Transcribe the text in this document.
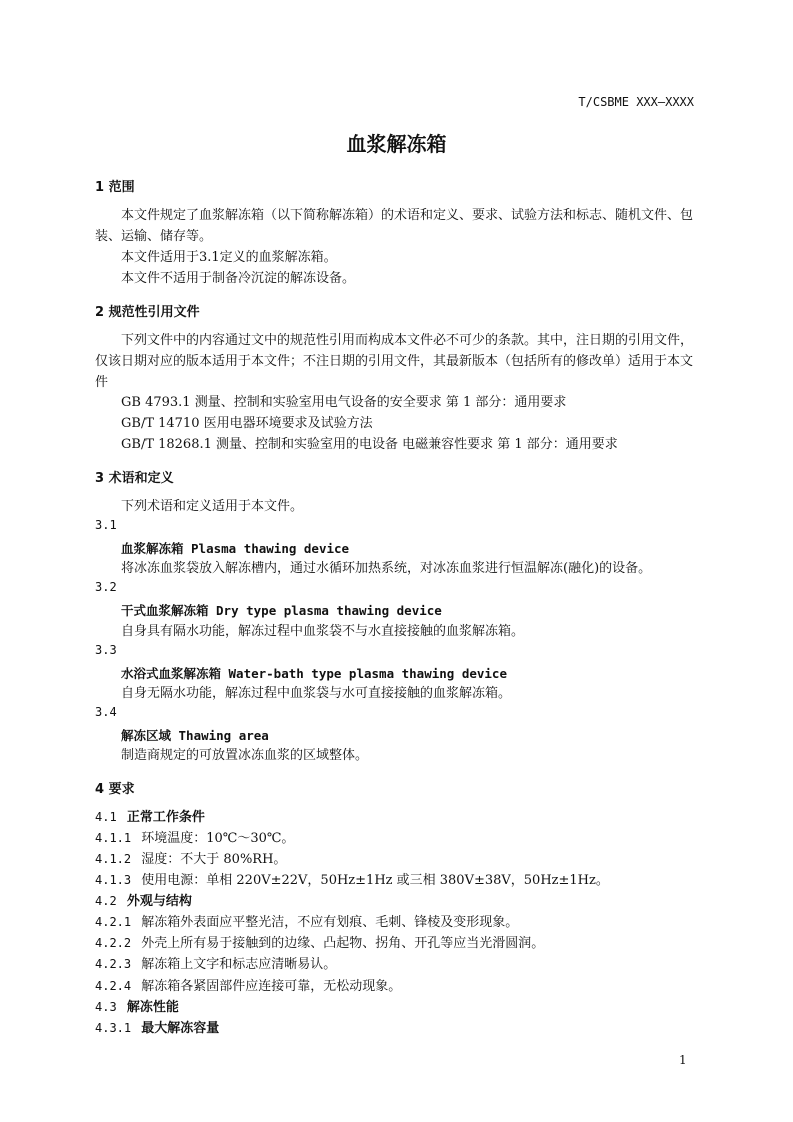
T/CSBME XXX—XXXX
血浆解冻箱
1 范围
本文件规定了血浆解冻箱（以下简称解冻箱）的术语和定义、要求、试验方法和标志、随机文件、包装、运输、储存等。
本文件适用于3.1定义的血浆解冻箱。
本文件不适用于制备冷沉淀的解冻设备。
2 规范性引用文件
下列文件中的内容通过文中的规范性引用而构成本文件必不可少的条款。其中，注日期的引用文件，仅该日期对应的版本适用于本文件；不注日期的引用文件，其最新版本（包括所有的修改单）适用于本文件
GB 4793.1 测量、控制和实验室用电气设备的安全要求 第 1 部分：通用要求
GB/T 14710 医用电器环境要求及试验方法
GB/T 18268.1 测量、控制和实验室用的电设备 电磁兼容性要求 第 1 部分：通用要求
3 术语和定义
下列术语和定义适用于本文件。
3.1
血浆解冻箱 Plasma thawing device
将冰冻血浆袋放入解冻槽内，通过水循环加热系统，对冰冻血浆进行恒温解冻(融化)的设备。
3.2
干式血浆解冻箱 Dry type plasma thawing device
自身具有隔水功能，解冻过程中血浆袋不与水直接接触的血浆解冻箱。
3.3
水浴式血浆解冻箱 Water-bath type plasma thawing device
自身无隔水功能，解冻过程中血浆袋与水可直接接触的血浆解冻箱。
3.4
解冻区域 Thawing area
制造商规定的可放置冰冻血浆的区域整体。
4 要求
4.1 正常工作条件
4.1.1 环境温度：10℃～30℃。
4.1.2 湿度：不大于 80%RH。
4.1.3 使用电源：单相 220V±22V，50Hz±1Hz 或三相 380V±38V，50Hz±1Hz。
4.2 外观与结构
4.2.1 解冻箱外表面应平整光洁，不应有划痕、毛刺、锋棱及变形现象。
4.2.2 外壳上所有易于接触到的边缘、凸起物、拐角、开孔等应当光滑圆润。
4.2.3 解冻箱上文字和标志应清晰易认。
4.2.4 解冻箱各紧固部件应连接可靠，无松动现象。
4.3 解冻性能
4.3.1 最大解冻容量
1
